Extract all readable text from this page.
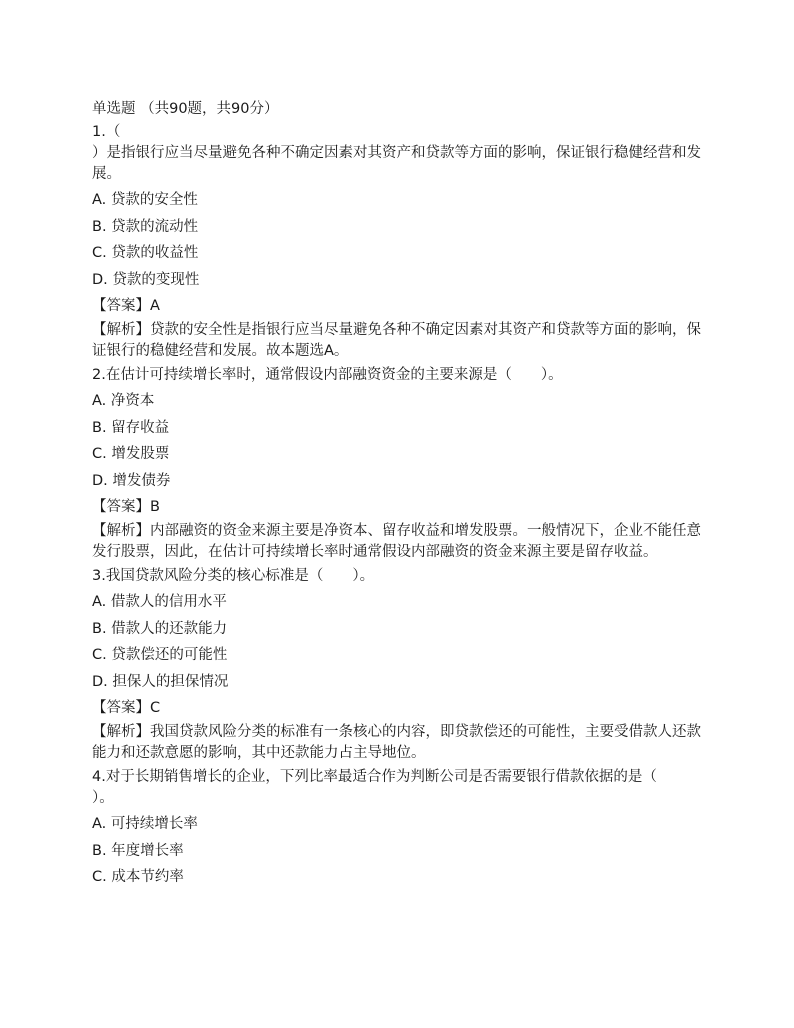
单选题 （共90题，共90分）
1.（
）是指银行应当尽量避免各种不确定因素对其资产和贷款等方面的影响，保证银行稳健经营和发展。
A. 贷款的安全性
B. 贷款的流动性
C. 贷款的收益性
D. 贷款的变现性
【答案】A
【解析】贷款的安全性是指银行应当尽量避免各种不确定因素对其资产和贷款等方面的影响，保证银行的稳健经营和发展。故本题选A。
2.在估计可持续增长率时，通常假设内部融资资金的主要来源是（　　）。
A. 净资本
B. 留存收益
C. 增发股票
D. 增发债券
【答案】B
【解析】内部融资的资金来源主要是净资本、留存收益和增发股票。一般情况下，企业不能任意发行股票，因此，在估计可持续增长率时通常假设内部融资的资金来源主要是留存收益。
3.我国贷款风险分类的核心标准是（　　）。
A. 借款人的信用水平
B. 借款人的还款能力
C. 贷款偿还的可能性
D. 担保人的担保情况
【答案】C
【解析】我国贷款风险分类的标准有一条核心的内容，即贷款偿还的可能性，主要受借款人还款能力和还款意愿的影响，其中还款能力占主导地位。
4.对于长期销售增长的企业，下列比率最适合作为判断公司是否需要银行借款依据的是（
）。
A. 可持续增长率
B. 年度增长率
C. 成本节约率
